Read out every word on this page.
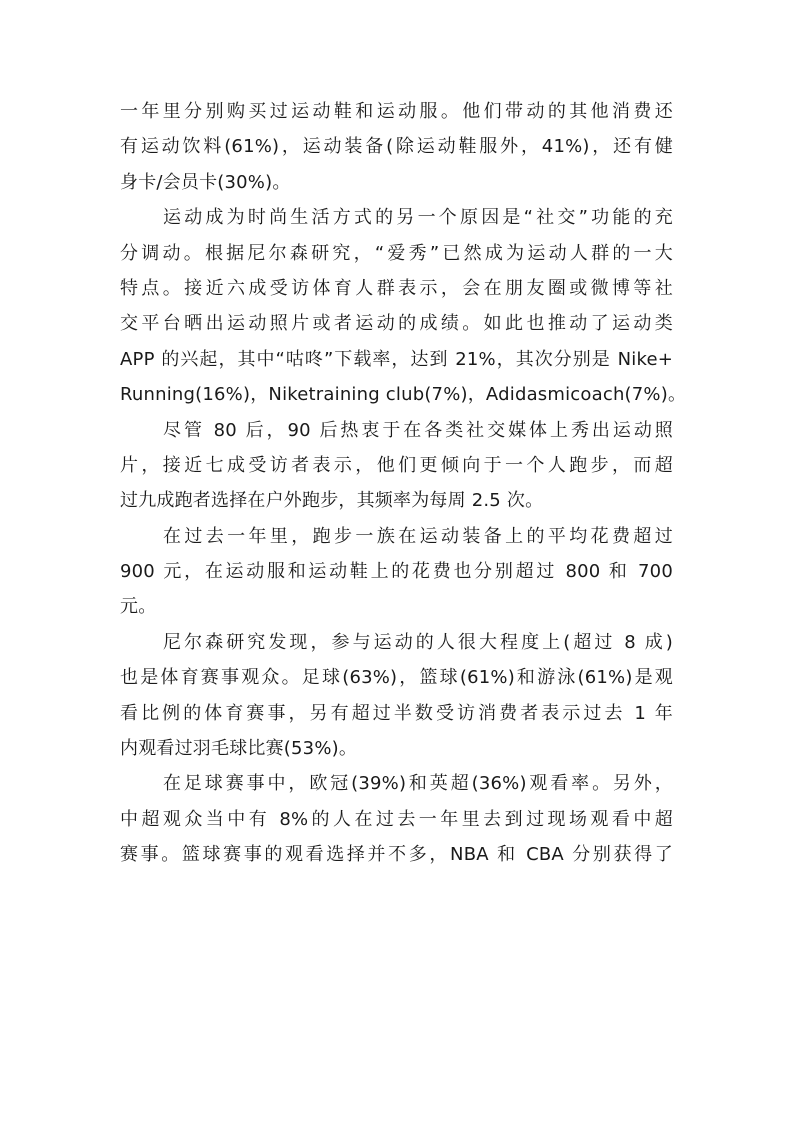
一年里分别购买过运动鞋和运动服。他们带动的其他消费还
有运动饮料(61%)，运动装备(除运动鞋服外，41%)，还有健
身卡/会员卡(30%)。
运动成为时尚生活方式的另一个原因是“社交”功能的充
分调动。根据尼尔森研究，“爱秀”已然成为运动人群的一大
特点。接近六成受访体育人群表示，会在朋友圈或微博等社
交平台晒出运动照片或者运动的成绩。如此也推动了运动类
APP 的兴起，其中“咕咚”下载率，达到 21%，其次分别是 Nike+
Running(16%)，Niketraining club(7%)，Adidasmicoach(7%)。
尽管 80 后，90 后热衷于在各类社交媒体上秀出运动照
片，接近七成受访者表示，他们更倾向于一个人跑步，而超
过九成跑者选择在户外跑步，其频率为每周 2.5 次。
在过去一年里，跑步一族在运动装备上的平均花费超过
900 元，在运动服和运动鞋上的花费也分别超过 800 和 700
元。
尼尔森研究发现，参与运动的人很大程度上(超过 8 成)
也是体育赛事观众。足球(63%)，篮球(61%)和游泳(61%)是观
看比例的体育赛事，另有超过半数受访消费者表示过去 1 年
内观看过羽毛球比赛(53%)。
在足球赛事中，欧冠(39%)和英超(36%)观看率。另外，
中超观众当中有 8%的人在过去一年里去到过现场观看中超
赛事。篮球赛事的观看选择并不多，NBA 和 CBA 分别获得了
